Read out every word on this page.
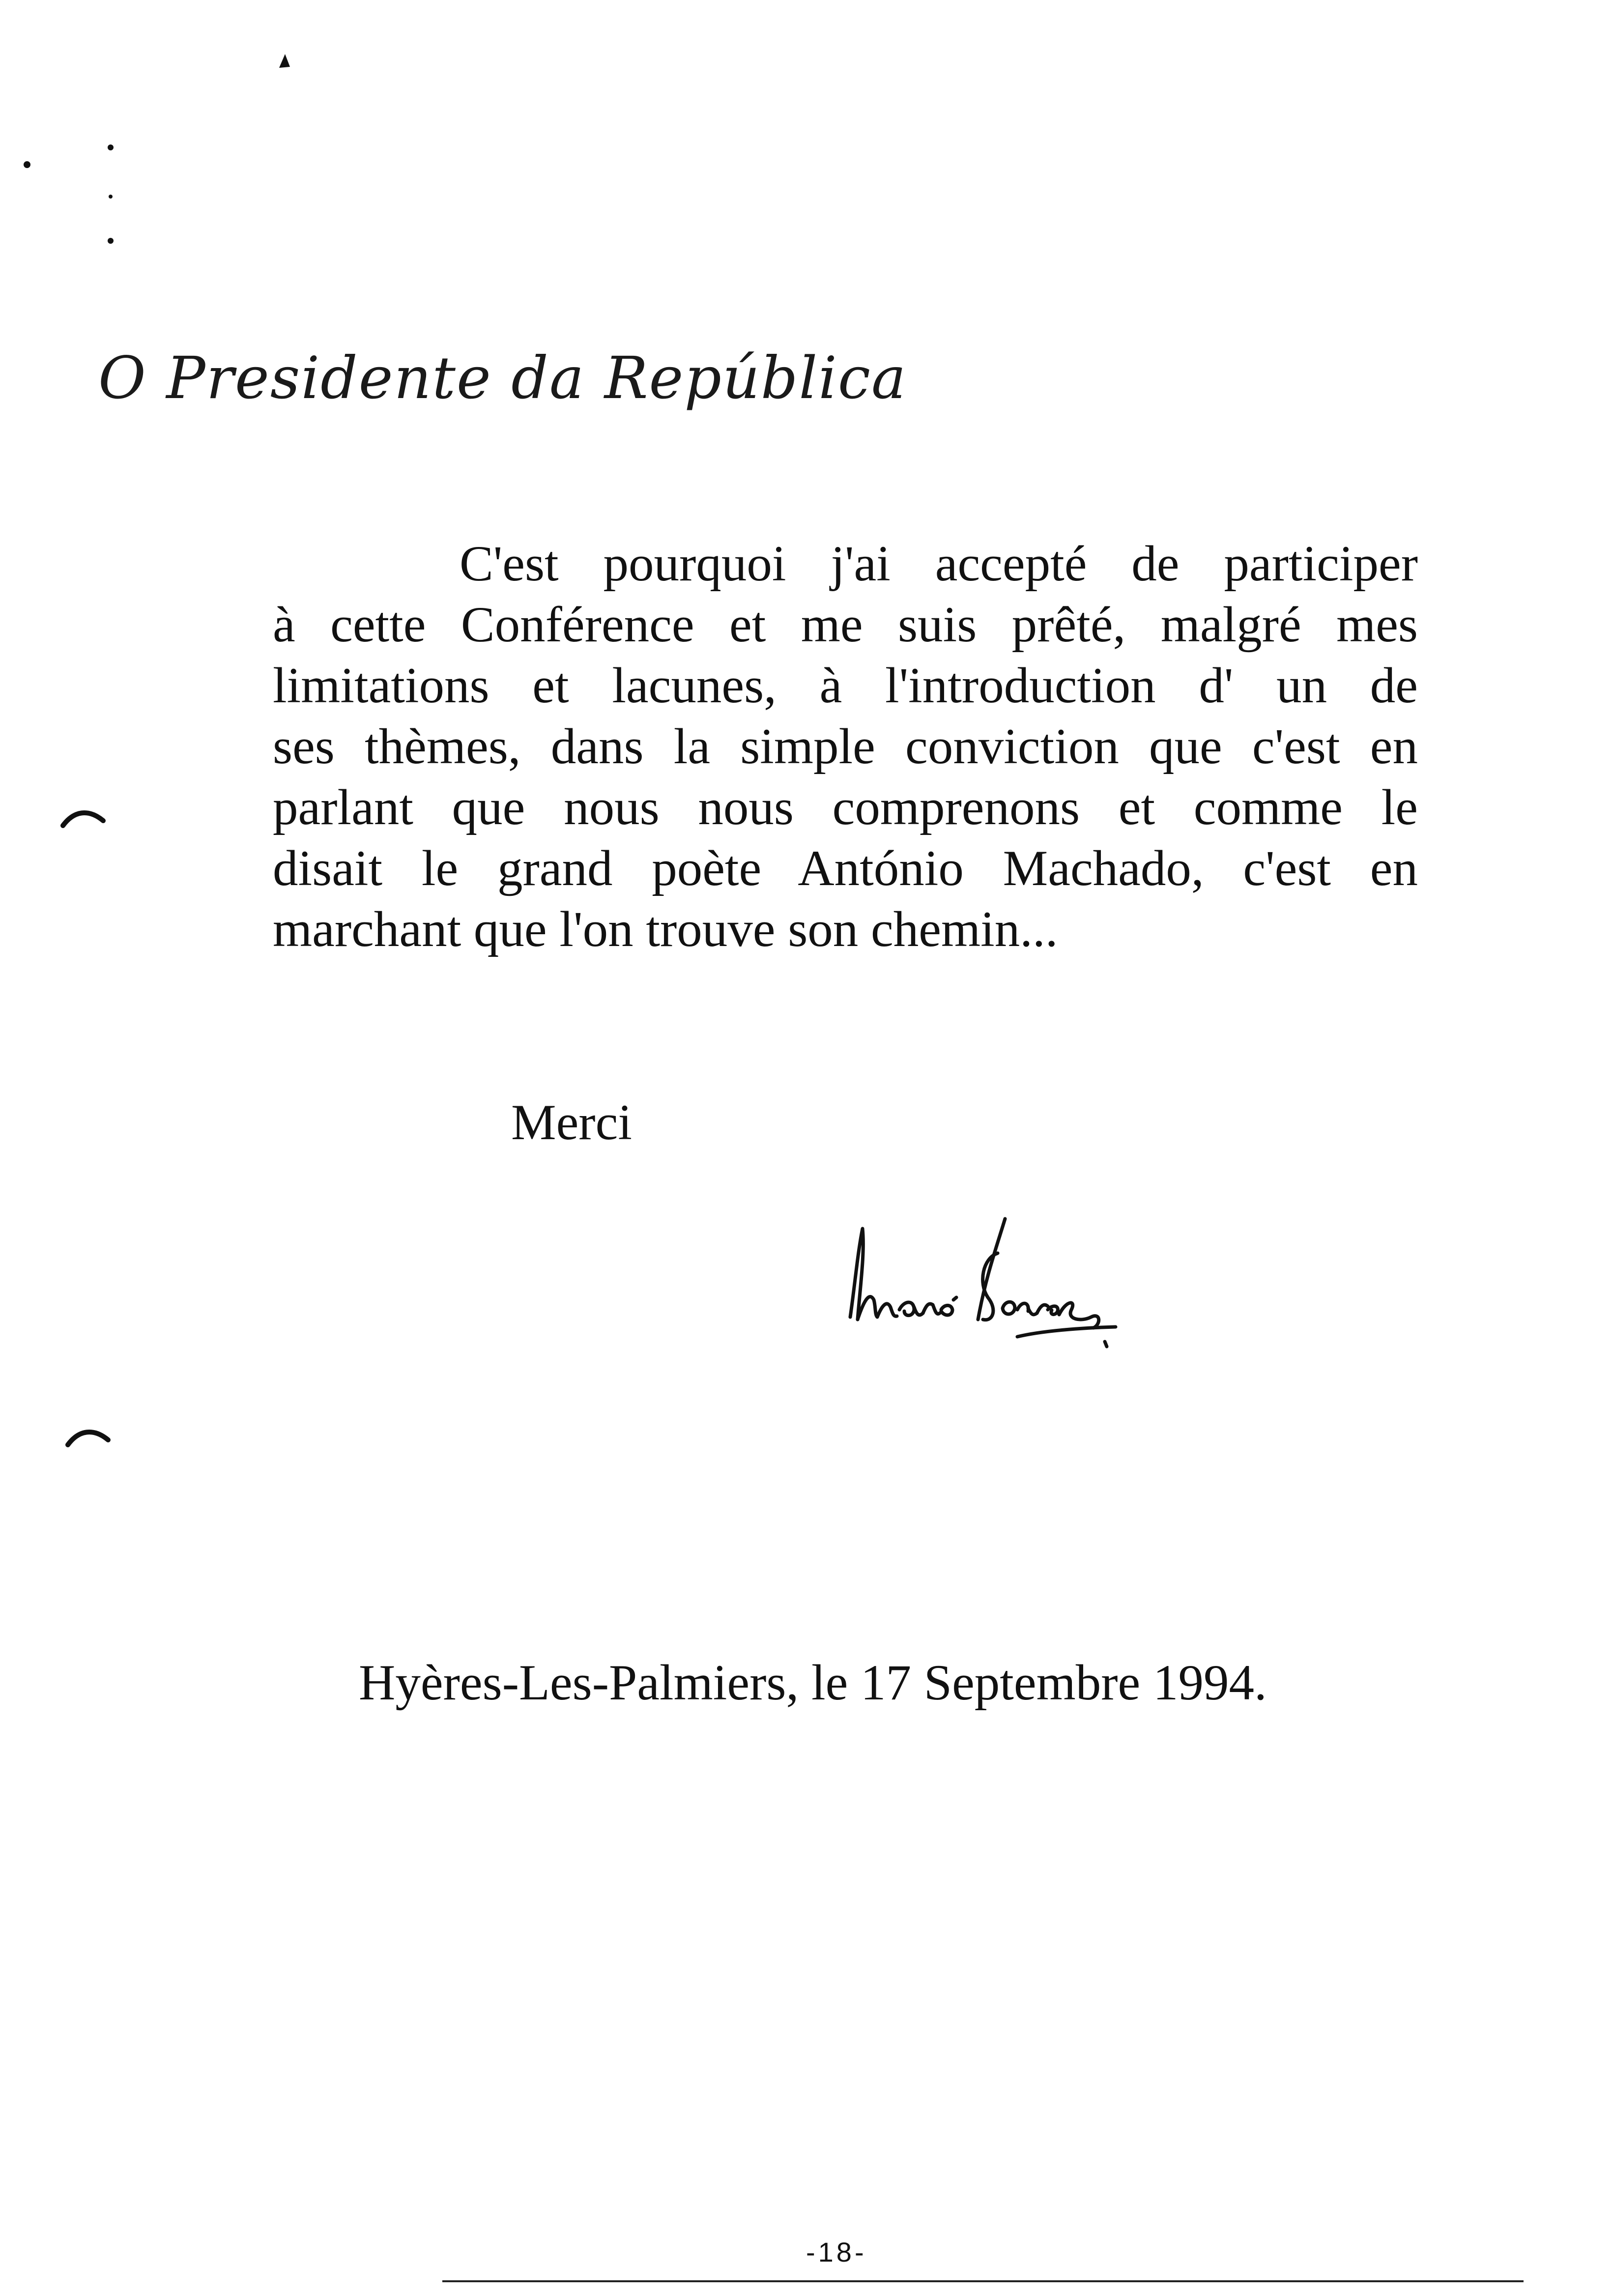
O Presidente da República
C'est pourquoi j'ai accepté de participer
à cette Conférence et me suis prêté, malgré mes
limitations et lacunes, à l'introduction d' un de
ses thèmes, dans la simple conviction que c'est en
parlant que nous nous comprenons et comme le
disait le grand poète António Machado, c'est en
marchant que l'on trouve son chemin...
Merci
Hyères-Les-Palmiers, le 17 Septembre 1994.
-18-
